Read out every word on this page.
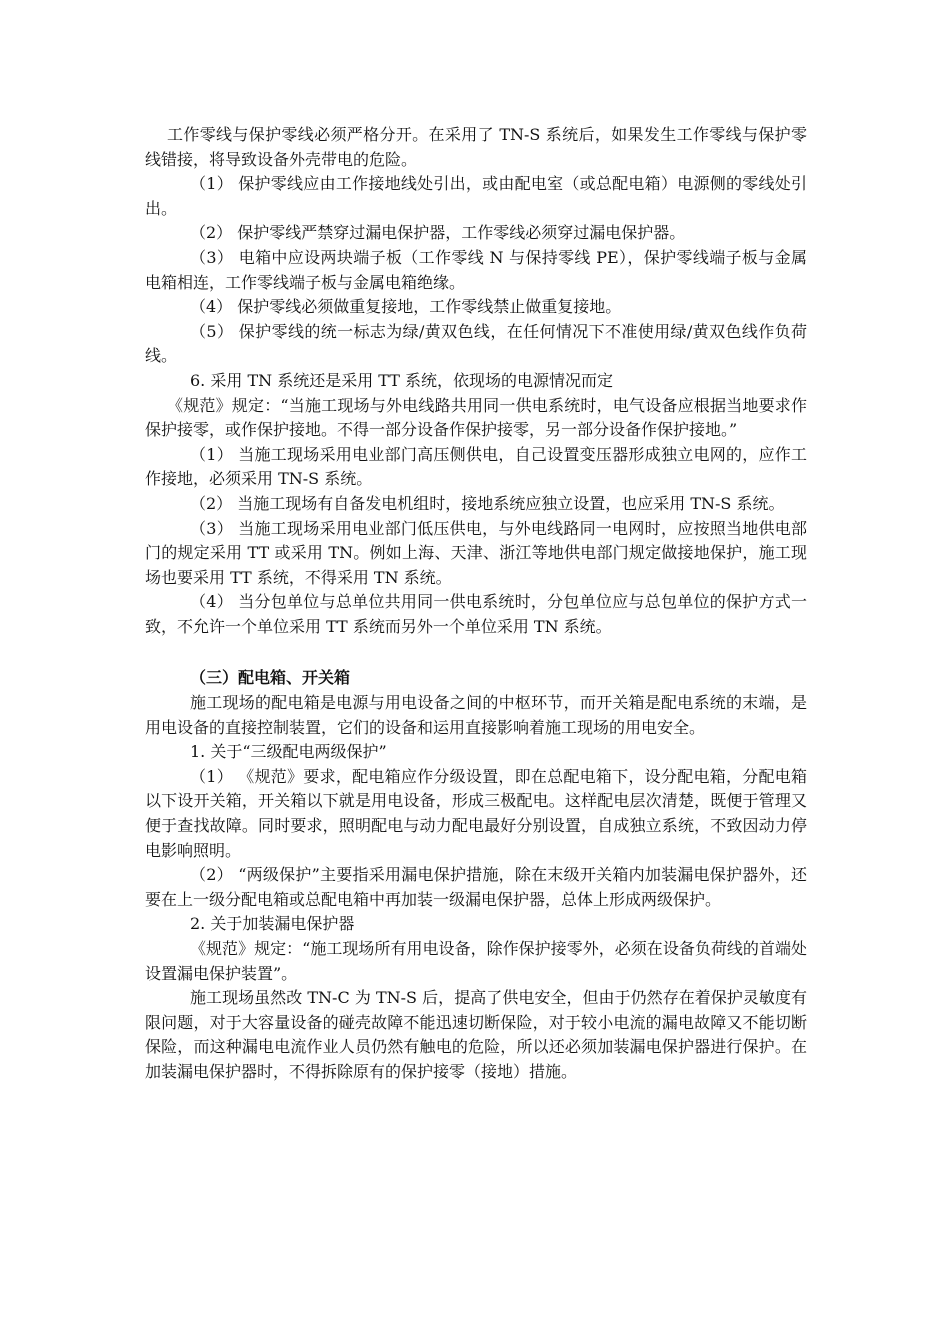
工作零线与保护零线必须严格分开。在采用了 TN-S 系统后，如果发生工作零线与保护零线错接，将导致设备外壳带电的危险。

（1） 保护零线应由工作接地线处引出，或由配电室（或总配电箱）电源侧的零线处引出。

（2） 保护零线严禁穿过漏电保护器，工作零线必须穿过漏电保护器。

（3） 电箱中应设两块端子板（工作零线 N 与保持零线 PE），保护零线端子板与金属电箱相连，工作零线端子板与金属电箱绝缘。

（4） 保护零线必须做重复接地，工作零线禁止做重复接地。

（5） 保护零线的统一标志为绿/黄双色线，在任何情况下不准使用绿/黄双色线作负荷线。

6. 采用 TN 系统还是采用 TT 系统，依现场的电源情况而定

《规范》规定：“当施工现场与外电线路共用同一供电系统时，电气设备应根据当地要求作保护接零，或作保护接地。不得一部分设备作保护接零，另一部分设备作保护接地。”

（1） 当施工现场采用电业部门高压侧供电，自己设置变压器形成独立电网的，应作工作接地，必须采用 TN-S 系统。

（2） 当施工现场有自备发电机组时，接地系统应独立设置，也应采用 TN-S 系统。

（3） 当施工现场采用电业部门低压供电，与外电线路同一电网时，应按照当地供电部门的规定采用 TT 或采用 TN。例如上海、天津、浙江等地供电部门规定做接地保护，施工现场也要采用 TT 系统，不得采用 TN 系统。

（4） 当分包单位与总单位共用同一供电系统时，分包单位应与总包单位的保护方式一致，不允许一个单位采用 TT 系统而另外一个单位采用 TN 系统。

（三）配电箱、开关箱

施工现场的配电箱是电源与用电设备之间的中枢环节，而开关箱是配电系统的末端，是用电设备的直接控制装置，它们的设备和运用直接影响着施工现场的用电安全。

1. 关于“三级配电两级保护”

（1） 《规范》要求，配电箱应作分级设置，即在总配电箱下，设分配电箱，分配电箱以下设开关箱，开关箱以下就是用电设备，形成三极配电。这样配电层次清楚，既便于管理又便于查找故障。同时要求，照明配电与动力配电最好分别设置，自成独立系统，不致因动力停电影响照明。

（2） “两级保护”主要指采用漏电保护措施，除在末级开关箱内加装漏电保护器外，还要在上一级分配电箱或总配电箱中再加装一级漏电保护器，总体上形成两级保护。

2. 关于加装漏电保护器

《规范》规定：“施工现场所有用电设备，除作保护接零外，必须在设备负荷线的首端处设置漏电保护装置”。

施工现场虽然改 TN-C 为 TN-S 后，提高了供电安全，但由于仍然存在着保护灵敏度有限问题，对于大容量设备的碰壳故障不能迅速切断保险，对于较小电流的漏电故障又不能切断保险，而这种漏电电流作业人员仍然有触电的危险，所以还必须加装漏电保护器进行保护。在加装漏电保护器时，不得拆除原有的保护接零（接地）措施。
